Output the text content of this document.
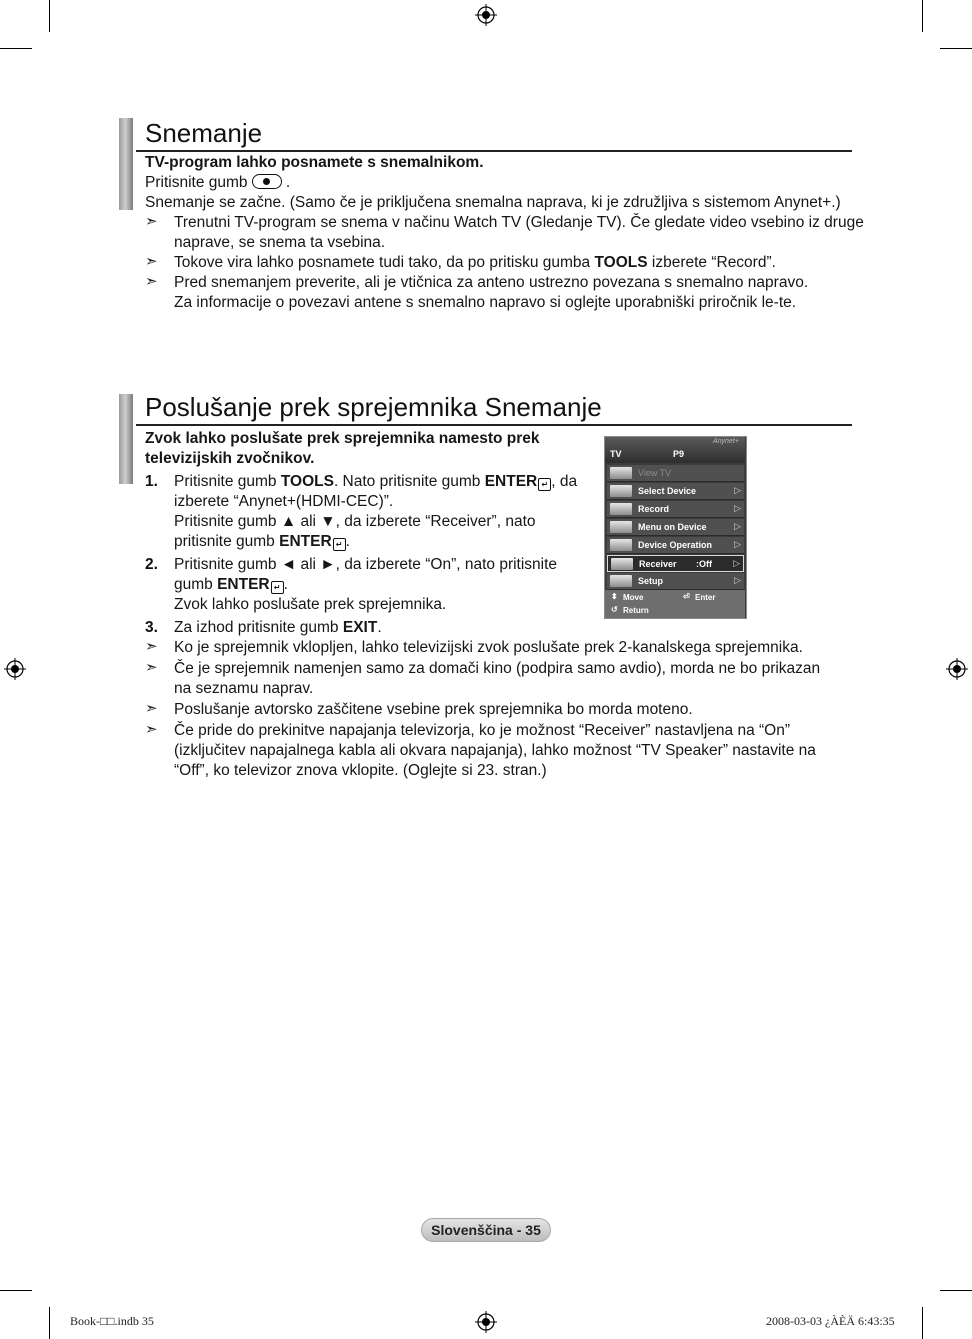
Snemanje
TV-program lahko posnamete s snemalnikom.
Pritisnite gumb .
Snemanje se začne. (Samo če je priključena snemalna naprava, ki je združljiva s sistemom Anynet+.)
➣ Trenutni TV-program se snema v načinu Watch TV (Gledanje TV). Če gledate video vsebino iz druge
naprave, se snema ta vsebina.
➣ Tokove vira lahko posnamete tudi tako, da po pritisku gumba TOOLS izberete “Record”.
➣ Pred snemanjem preverite, ali je vtičnica za anteno ustrezno povezana s snemalno napravo.
Za informacije o povezavi antene s snemalno napravo si oglejte uporabniški priročnik le-te.
Poslušanje prek sprejemnika Snemanje
Zvok lahko poslušate prek sprejemnika namesto prek
televizijskih zvočnikov.
1. Pritisnite gumb TOOLS. Nato pritisnite gumb ENTER ↵ , da
izberete “Anynet+(HDMI-CEC)”.
Pritisnite gumb ▲ ali ▼, da izberete “Receiver”, nato
pritisnite gumb ENTER ↵ .
2. Pritisnite gumb ◄ ali ►, da izberete “On”, nato pritisnite
gumb ENTER ↵ .
Zvok lahko poslušate prek sprejemnika.
3. Za izhod pritisnite gumb EXIT.
➣ Ko je sprejemnik vklopljen, lahko televizijski zvok poslušate prek 2-kanalskega sprejemnika.
➣ Če je sprejemnik namenjen samo za domači kino (podpira samo avdio), morda ne bo prikazan
na seznamu naprav.
➣ Poslušanje avtorsko zaščitene vsebine prek sprejemnika bo morda moteno.
➣ Če pride do prekinitve napajanja televizorja, ko je možnost “Receiver” nastavljena na “On”
(izključitev napajalnega kabla ali okvara napajanja), lahko možnost “TV Speaker” nastavite na
“Off”, ko televizor znova vklopite. (Oglejte si 23. stran.)
TV	P9
Anynet+
View TV
Select Device	▷
Record	▷
Menu on Device	▷
Device Operation ▷
Receiver :Off ▷
Setup	▷
⬍ Move	⏎ Enter
↺ Return
Slovenščina - 35
Book-□□.indb 35	2008-03-03 ¿ÀÈÄ 6:43:35
